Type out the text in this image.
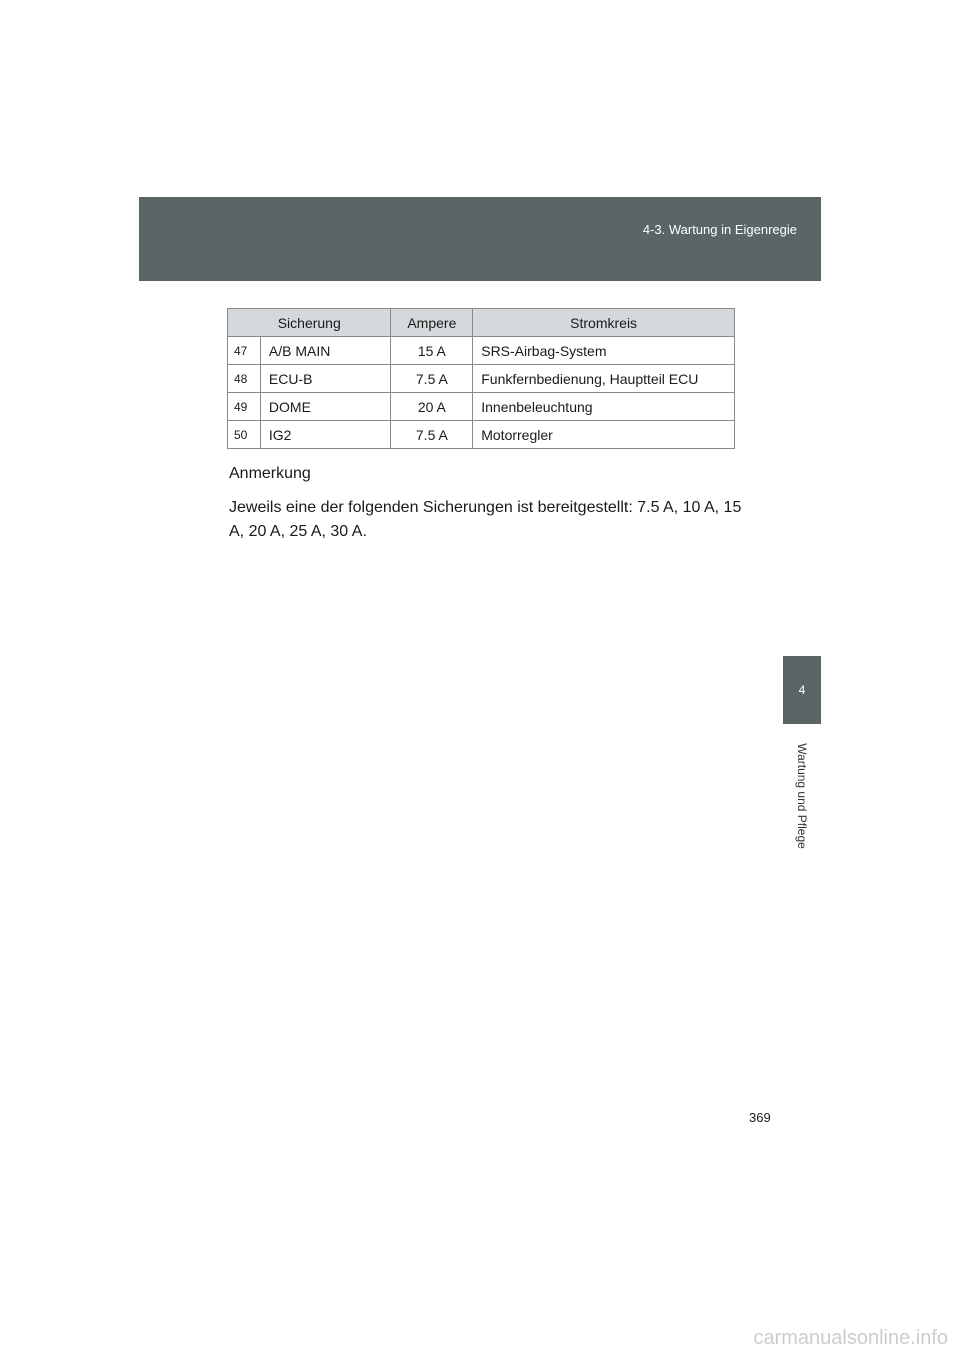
4-3. Wartung in Eigenregie
4
Wartung und Pflege
Sicherung		Ampere	Stromkreis
47	A/B MAIN	15 A	SRS-Airbag-System
48	ECU-B	7.5 A	Funkfernbedienung, Hauptteil ECU
49	DOME	20 A	Innenbeleuchtung
50	IG2	7.5 A	Motorregler
Anmerkung
Jeweils eine der folgenden Sicherungen ist bereitgestellt: 7.5 A, 10 A, 15 A, 20 A, 25 A, 30 A.
369
carmanualsonline.info
